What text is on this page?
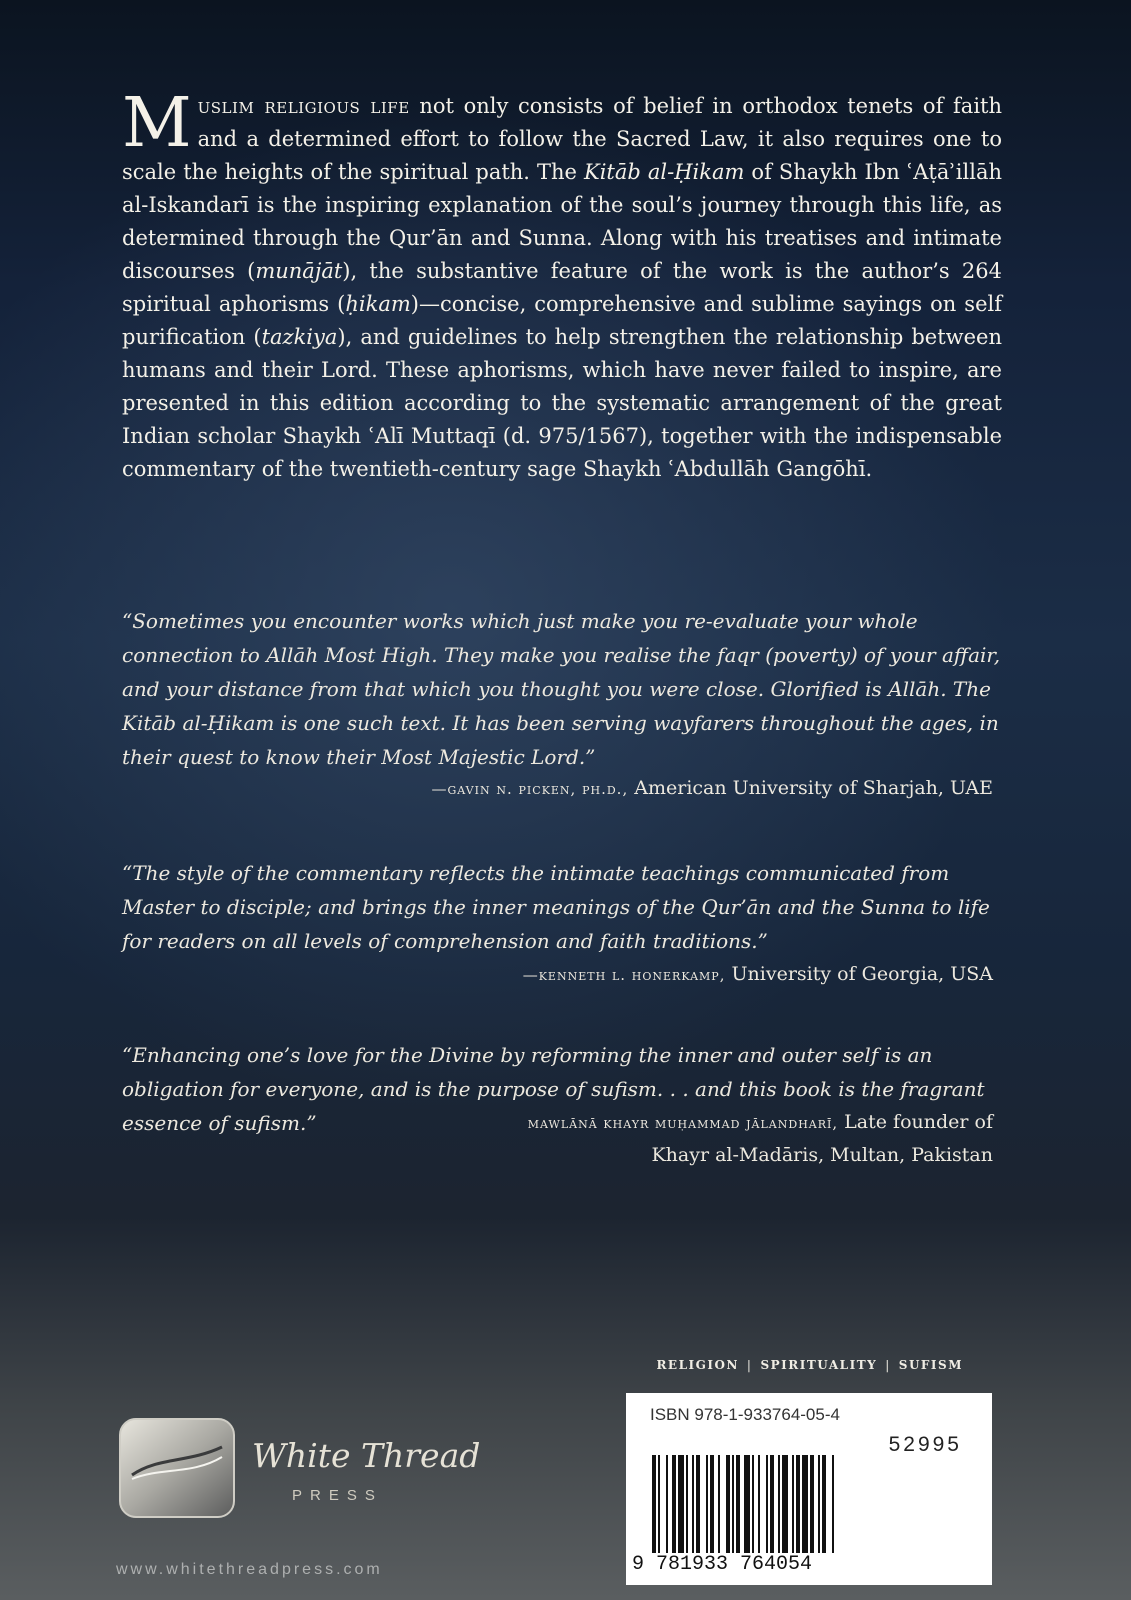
Muslim religious life not only consists of belief in orthodox tenets of faith and a determined effort to follow the Sacred Law, it also requires one to scale the heights of the spiritual path. The Kitāb al-Ḥikam of Shaykh Ibn ʿAṭāʾillāh al-Iskandarī is the inspiring explanation of the soul’s journey through this life, as determined through the Qur’ān and Sunna. Along with his treatises and intimate discourses (munājāt), the substantive feature of the work is the author’s 264 spiritual aphorisms (ḥikam)—concise, comprehensive and sublime sayings on self purification (tazkiya), and guidelines to help strengthen the relationship between humans and their Lord. These aphorisms, which have never failed to inspire, are presented in this edition according to the systematic arrangement of the great Indian scholar Shaykh ʿAlī Muttaqī (d. 975/1567), together with the indispensable commentary of the twentieth-century sage Shaykh ʿAbdullāh Gangōhī.
“Sometimes you encounter works which just make you re-evaluate your whole connection to Allāh Most High. They make you realise the faqr (poverty) of your affair, and your distance from that which you thought you were close. Glorified is Allāh. The Kitāb al-Ḥikam is one such text. It has been serving wayfarers throughout the ages, in their quest to know their Most Majestic Lord.”
—gavin n. picken, ph.d., American University of Sharjah, UAE
“The style of the commentary reflects the intimate teachings communicated from Master to disciple; and brings the inner meanings of the Qur’ān and the Sunna to life for readers on all levels of comprehension and faith traditions.”
—kenneth l. honerkamp, University of Georgia, USA
“Enhancing one’s love for the Divine by reforming the inner and outer self is an obligation for everyone, and is the purpose of sufism. . . and this book is the fragrant essence of sufism.”	mawlānā khayr muḥammad jālandharī, Late founder of
Khayr al-Madāris, Multan, Pakistan
RELIGION | SPIRITUALITY | SUFISM
ISBN 978-1-933764-05-4
52995
9 781933 764054
White Thread
PRESS
www.whitethreadpress.com
